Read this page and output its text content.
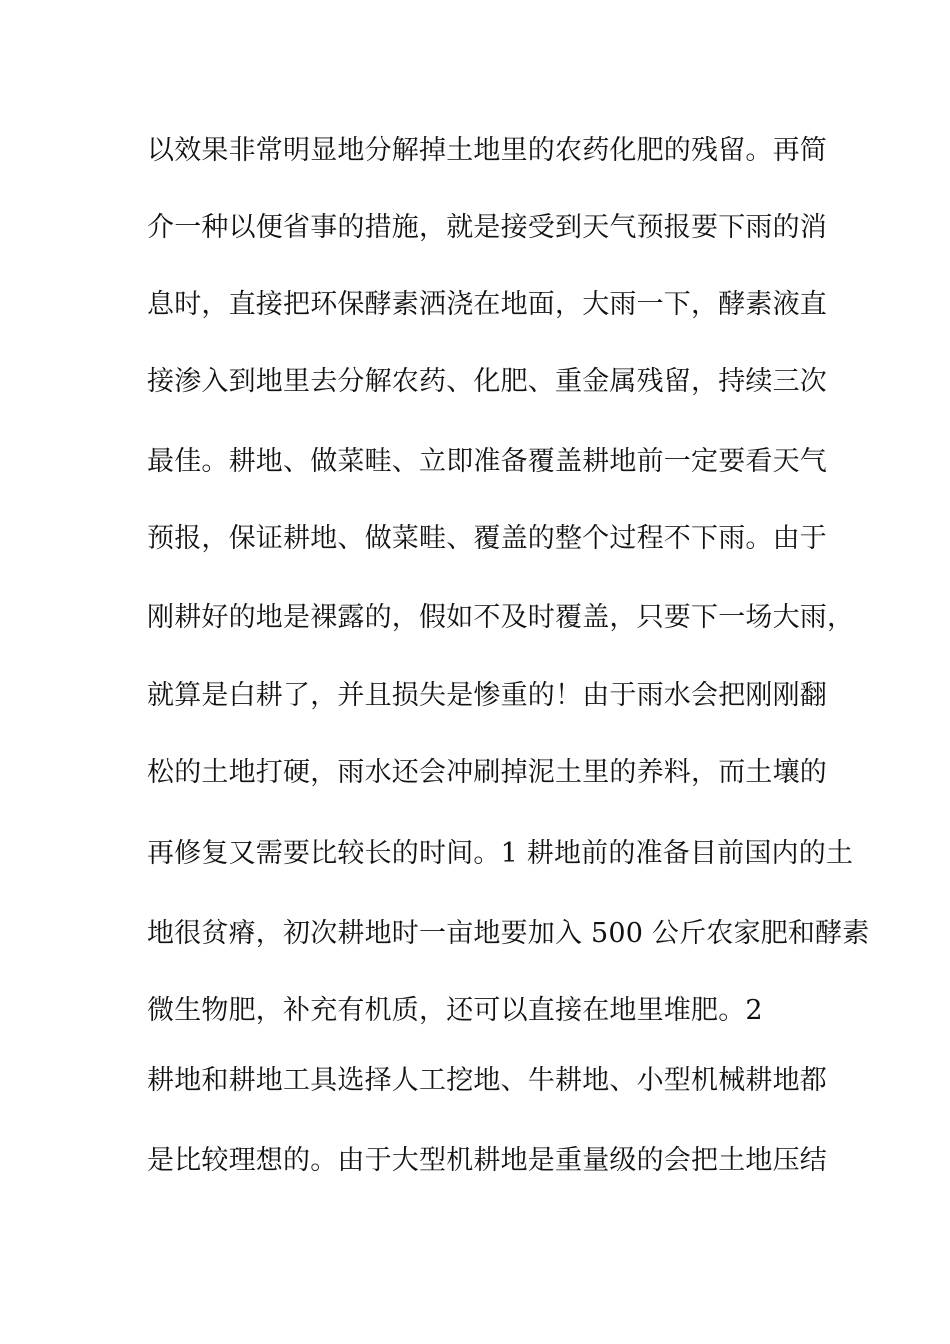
以效果非常明显地分解掉土地里的农药化肥的残留。再简
介一种以便省事的措施，就是接受到天气预报要下雨的消
息时，直接把环保酵素洒浇在地面，大雨一下，酵素液直
接渗入到地里去分解农药、化肥、重金属残留，持续三次
最佳。耕地、做菜畦、立即准备覆盖耕地前一定要看天气
预报，保证耕地、做菜畦、覆盖的整个过程不下雨。由于
刚耕好的地是裸露的，假如不及时覆盖，只要下一场大雨，
就算是白耕了，并且损失是惨重的！由于雨水会把刚刚翻
松的土地打硬，雨水还会冲刷掉泥土里的养料，而土壤的
再修复又需要比较长的时间。1 耕地前的准备目前国内的土
地很贫瘠，初次耕地时一亩地要加入 500 公斤农家肥和酵素
微生物肥，补充有机质，还可以直接在地里堆肥。2
耕地和耕地工具选择人工挖地、牛耕地、小型机械耕地都
是比较理想的。由于大型机耕地是重量级的会把土地压结
